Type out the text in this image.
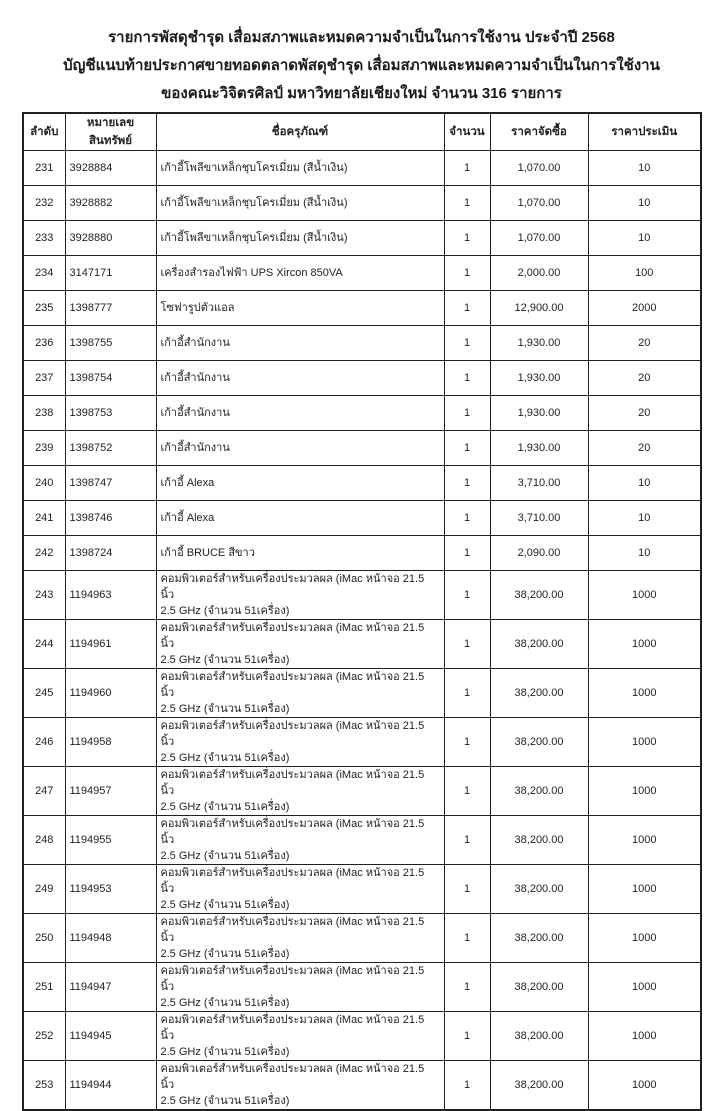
รายการพัสดุชำรุด เสื่อมสภาพและหมดความจำเป็นในการใช้งาน ประจำปี 2568
บัญชีแนบท้ายประกาศขายทอดตลาดพัสดุชำรุด เสื่อมสภาพและหมดความจำเป็นในการใช้งาน
ของคณะวิจิตรศิลป์ มหาวิทยาลัยเชียงใหม่ จำนวน 316 รายการ
ลำดับ	หมายเลขสินทรัพย์	ชื่อครุภัณฑ์	จำนวน	ราคาจัดซื้อ	ราคาประเมิน
231	3928884	เก้าอี้โพลีขาเหล็กชุบโครเมี่ยม (สีน้ำเงิน)	1	1,070.00	10
232	3928882	เก้าอี้โพลีขาเหล็กชุบโครเมี่ยม (สีน้ำเงิน)	1	1,070.00	10
233	3928880	เก้าอี้โพลีขาเหล็กชุบโครเมี่ยม (สีน้ำเงิน)	1	1,070.00	10
234	3147171	เครื่องสำรองไฟฟ้า UPS Xircon 850VA	1	2,000.00	100
235	1398777	โซฟารูปตัวแอล	1	12,900.00	2000
236	1398755	เก้าอี้สำนักงาน	1	1,930.00	20
237	1398754	เก้าอี้สำนักงาน	1	1,930.00	20
238	1398753	เก้าอี้สำนักงาน	1	1,930.00	20
239	1398752	เก้าอี้สำนักงาน	1	1,930.00	20
240	1398747	เก้าอี้ Alexa	1	3,710.00	10
241	1398746	เก้าอี้ Alexa	1	3,710.00	10
242	1398724	เก้าอี้ BRUCE สีขาว	1	2,090.00	10
243	1194963	คอมพิวเตอร์สำหรับเครื่องประมวลผล (iMac หน้าจอ 21.5 นิ้ว
2.5 GHz (จำนวน 51เครื่อง)	1	38,200.00	1000
244	1194961	คอมพิวเตอร์สำหรับเครื่องประมวลผล (iMac หน้าจอ 21.5 นิ้ว
2.5 GHz (จำนวน 51เครื่อง)	1	38,200.00	1000
245	1194960	คอมพิวเตอร์สำหรับเครื่องประมวลผล (iMac หน้าจอ 21.5 นิ้ว
2.5 GHz (จำนวน 51เครื่อง)	1	38,200.00	1000
246	1194958	คอมพิวเตอร์สำหรับเครื่องประมวลผล (iMac หน้าจอ 21.5 นิ้ว
2.5 GHz (จำนวน 51เครื่อง)	1	38,200.00	1000
247	1194957	คอมพิวเตอร์สำหรับเครื่องประมวลผล (iMac หน้าจอ 21.5 นิ้ว
2.5 GHz (จำนวน 51เครื่อง)	1	38,200.00	1000
248	1194955	คอมพิวเตอร์สำหรับเครื่องประมวลผล (iMac หน้าจอ 21.5 นิ้ว
2.5 GHz (จำนวน 51เครื่อง)	1	38,200.00	1000
249	1194953	คอมพิวเตอร์สำหรับเครื่องประมวลผล (iMac หน้าจอ 21.5 นิ้ว
2.5 GHz (จำนวน 51เครื่อง)	1	38,200.00	1000
250	1194948	คอมพิวเตอร์สำหรับเครื่องประมวลผล (iMac หน้าจอ 21.5 นิ้ว
2.5 GHz (จำนวน 51เครื่อง)	1	38,200.00	1000
251	1194947	คอมพิวเตอร์สำหรับเครื่องประมวลผล (iMac หน้าจอ 21.5 นิ้ว
2.5 GHz (จำนวน 51เครื่อง)	1	38,200.00	1000
252	1194945	คอมพิวเตอร์สำหรับเครื่องประมวลผล (iMac หน้าจอ 21.5 นิ้ว
2.5 GHz (จำนวน 51เครื่อง)	1	38,200.00	1000
253	1194944	คอมพิวเตอร์สำหรับเครื่องประมวลผล (iMac หน้าจอ 21.5 นิ้ว
2.5 GHz (จำนวน 51เครื่อง)	1	38,200.00	1000
